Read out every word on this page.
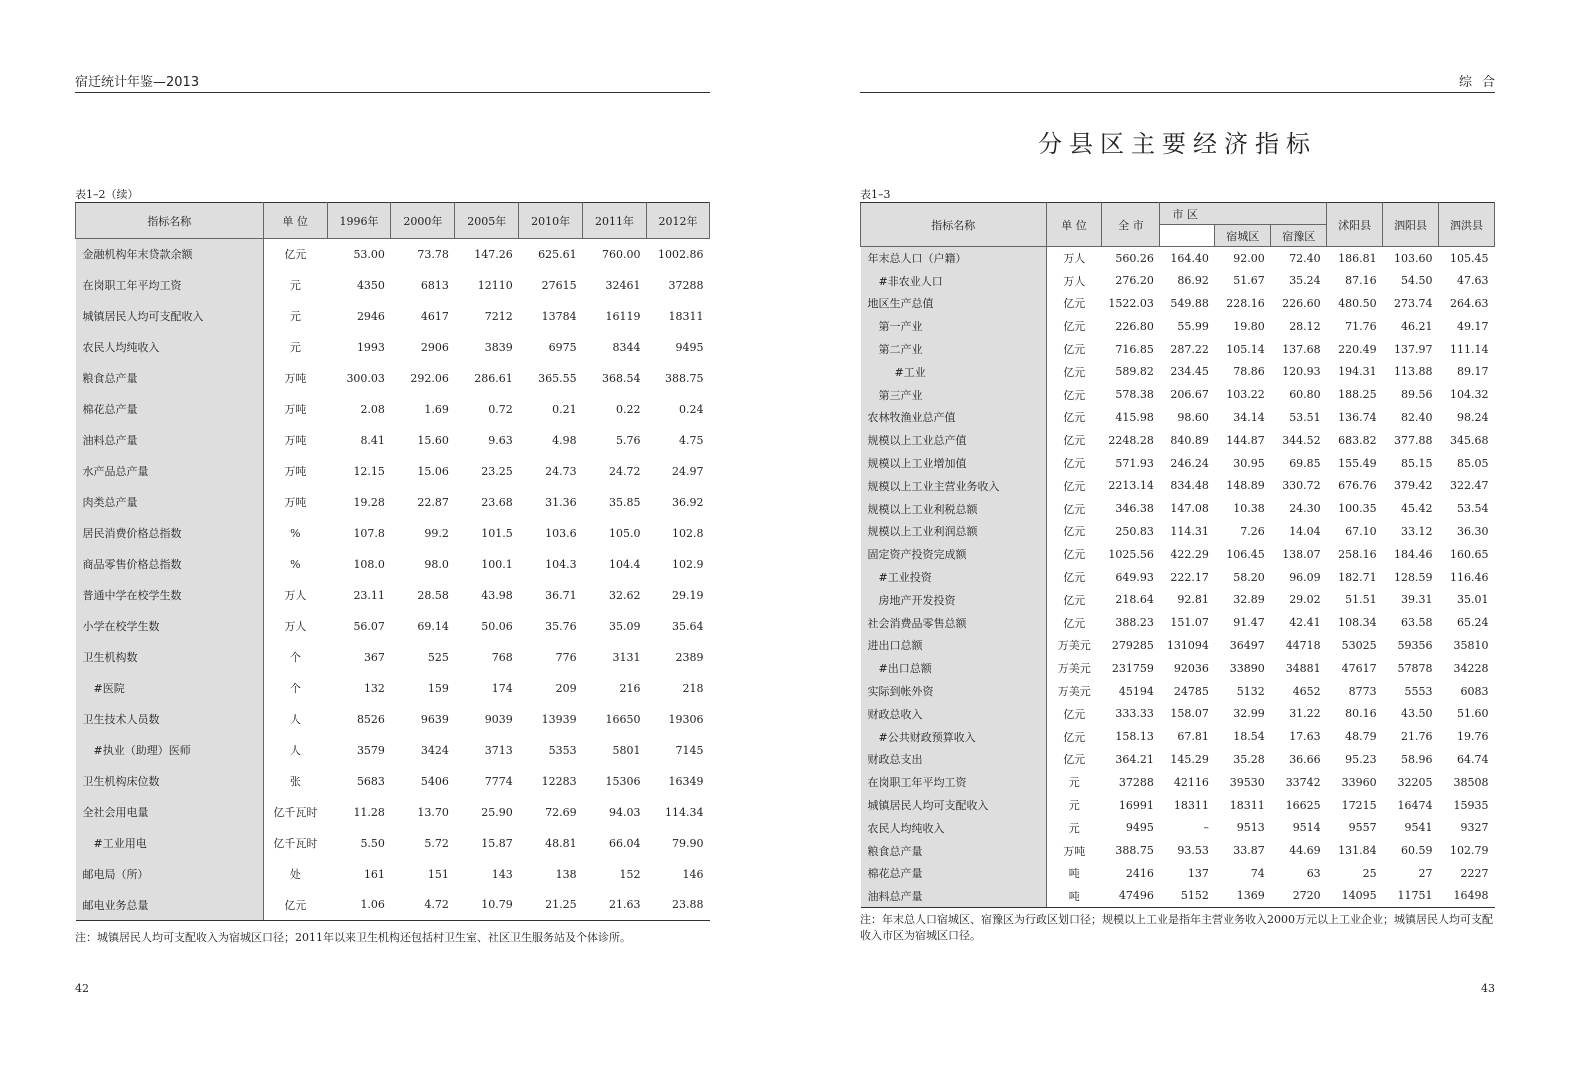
宿迁统计年鉴—2013
表1–2（续）
指标名称	单 位	1996年	2000年	2005年	2010年	2011年	2012年
金融机构年末贷款余额	亿元	53.00	73.78	147.26	625.61	760.00	1002.86
在岗职工年平均工资	元	4350	6813	12110	27615	32461	37288
城镇居民人均可支配收入	元	2946	4617	7212	13784	16119	18311
农民人均纯收入	元	1993	2906	3839	6975	8344	9495
粮食总产量	万吨	300.03	292.06	286.61	365.55	368.54	388.75
棉花总产量	万吨	2.08	1.69	0.72	0.21	0.22	0.24
油料总产量	万吨	8.41	15.60	9.63	4.98	5.76	4.75
水产品总产量	万吨	12.15	15.06	23.25	24.73	24.72	24.97
肉类总产量	万吨	19.28	22.87	23.68	31.36	35.85	36.92
居民消费价格总指数	%	107.8	99.2	101.5	103.6	105.0	102.8
商品零售价格总指数	%	108.0	98.0	100.1	104.3	104.4	102.9
普通中学在校学生数	万人	23.11	28.58	43.98	36.71	32.62	29.19
小学在校学生数	万人	56.07	69.14	50.06	35.76	35.09	35.64
卫生机构数	个	367	525	768	776	3131	2389
#医院	个	132	159	174	209	216	218
卫生技术人员数	人	8526	9639	9039	13939	16650	19306
#执业（助理）医师	人	3579	3424	3713	5353	5801	7145
卫生机构床位数	张	5683	5406	7774	12283	15306	16349
全社会用电量	亿千瓦时	11.28	13.70	25.90	72.69	94.03	114.34
#工业用电	亿千瓦时	5.50	5.72	15.87	48.81	66.04	79.90
邮电局（所）	处	161	151	143	138	152	146
邮电业务总量	亿元	1.06	4.72	10.79	21.25	21.63	23.88
注：城镇居民人均可支配收入为宿城区口径；2011年以来卫生机构还包括村卫生室、社区卫生服务站及个体诊所。
42
综合
分县区主要经济指标
表1–3
指标名称	单 位	全 市	市 区			沭阳县	泗阳县	泗洪县
				宿城区	宿豫区			
年末总人口（户籍）	万人	560.26	164.40	92.00	72.40	186.81	103.60	105.45
#非农业人口	万人	276.20	86.92	51.67	35.24	87.16	54.50	47.63
地区生产总值	亿元	1522.03	549.88	228.16	226.60	480.50	273.74	264.63
第一产业	亿元	226.80	55.99	19.80	28.12	71.76	46.21	49.17
第二产业	亿元	716.85	287.22	105.14	137.68	220.49	137.97	111.14
#工业	亿元	589.82	234.45	78.86	120.93	194.31	113.88	89.17
第三产业	亿元	578.38	206.67	103.22	60.80	188.25	89.56	104.32
农林牧渔业总产值	亿元	415.98	98.60	34.14	53.51	136.74	82.40	98.24
规模以上工业总产值	亿元	2248.28	840.89	144.87	344.52	683.82	377.88	345.68
规模以上工业增加值	亿元	571.93	246.24	30.95	69.85	155.49	85.15	85.05
规模以上工业主营业务收入	亿元	2213.14	834.48	148.89	330.72	676.76	379.42	322.47
规模以上工业利税总额	亿元	346.38	147.08	10.38	24.30	100.35	45.42	53.54
规模以上工业利润总额	亿元	250.83	114.31	7.26	14.04	67.10	33.12	36.30
固定资产投资完成额	亿元	1025.56	422.29	106.45	138.07	258.16	184.46	160.65
#工业投资	亿元	649.93	222.17	58.20	96.09	182.71	128.59	116.46
房地产开发投资	亿元	218.64	92.81	32.89	29.02	51.51	39.31	35.01
社会消费品零售总额	亿元	388.23	151.07	91.47	42.41	108.34	63.58	65.24
进出口总额	万美元	279285	131094	36497	44718	53025	59356	35810
#出口总额	万美元	231759	92036	33890	34881	47617	57878	34228
实际到帐外资	万美元	45194	24785	5132	4652	8773	5553	6083
财政总收入	亿元	333.33	158.07	32.99	31.22	80.16	43.50	51.60
#公共财政预算收入	亿元	158.13	67.81	18.54	17.63	48.79	21.76	19.76
财政总支出	亿元	364.21	145.29	35.28	36.66	95.23	58.96	64.74
在岗职工年平均工资	元	37288	42116	39530	33742	33960	32205	38508
城镇居民人均可支配收入	元	16991	18311	18311	16625	17215	16474	15935
农民人均纯收入	元	9495	–	9513	9514	9557	9541	9327
粮食总产量	万吨	388.75	93.53	33.87	44.69	131.84	60.59	102.79
棉花总产量	吨	2416	137	74	63	25	27	2227
油料总产量	吨	47496	5152	1369	2720	14095	11751	16498
注：年末总人口宿城区、宿豫区为行政区划口径；规模以上工业是指年主营业务收入2000万元以上工业企业；城镇居民人均可支配收入市区为宿城区口径。
43
